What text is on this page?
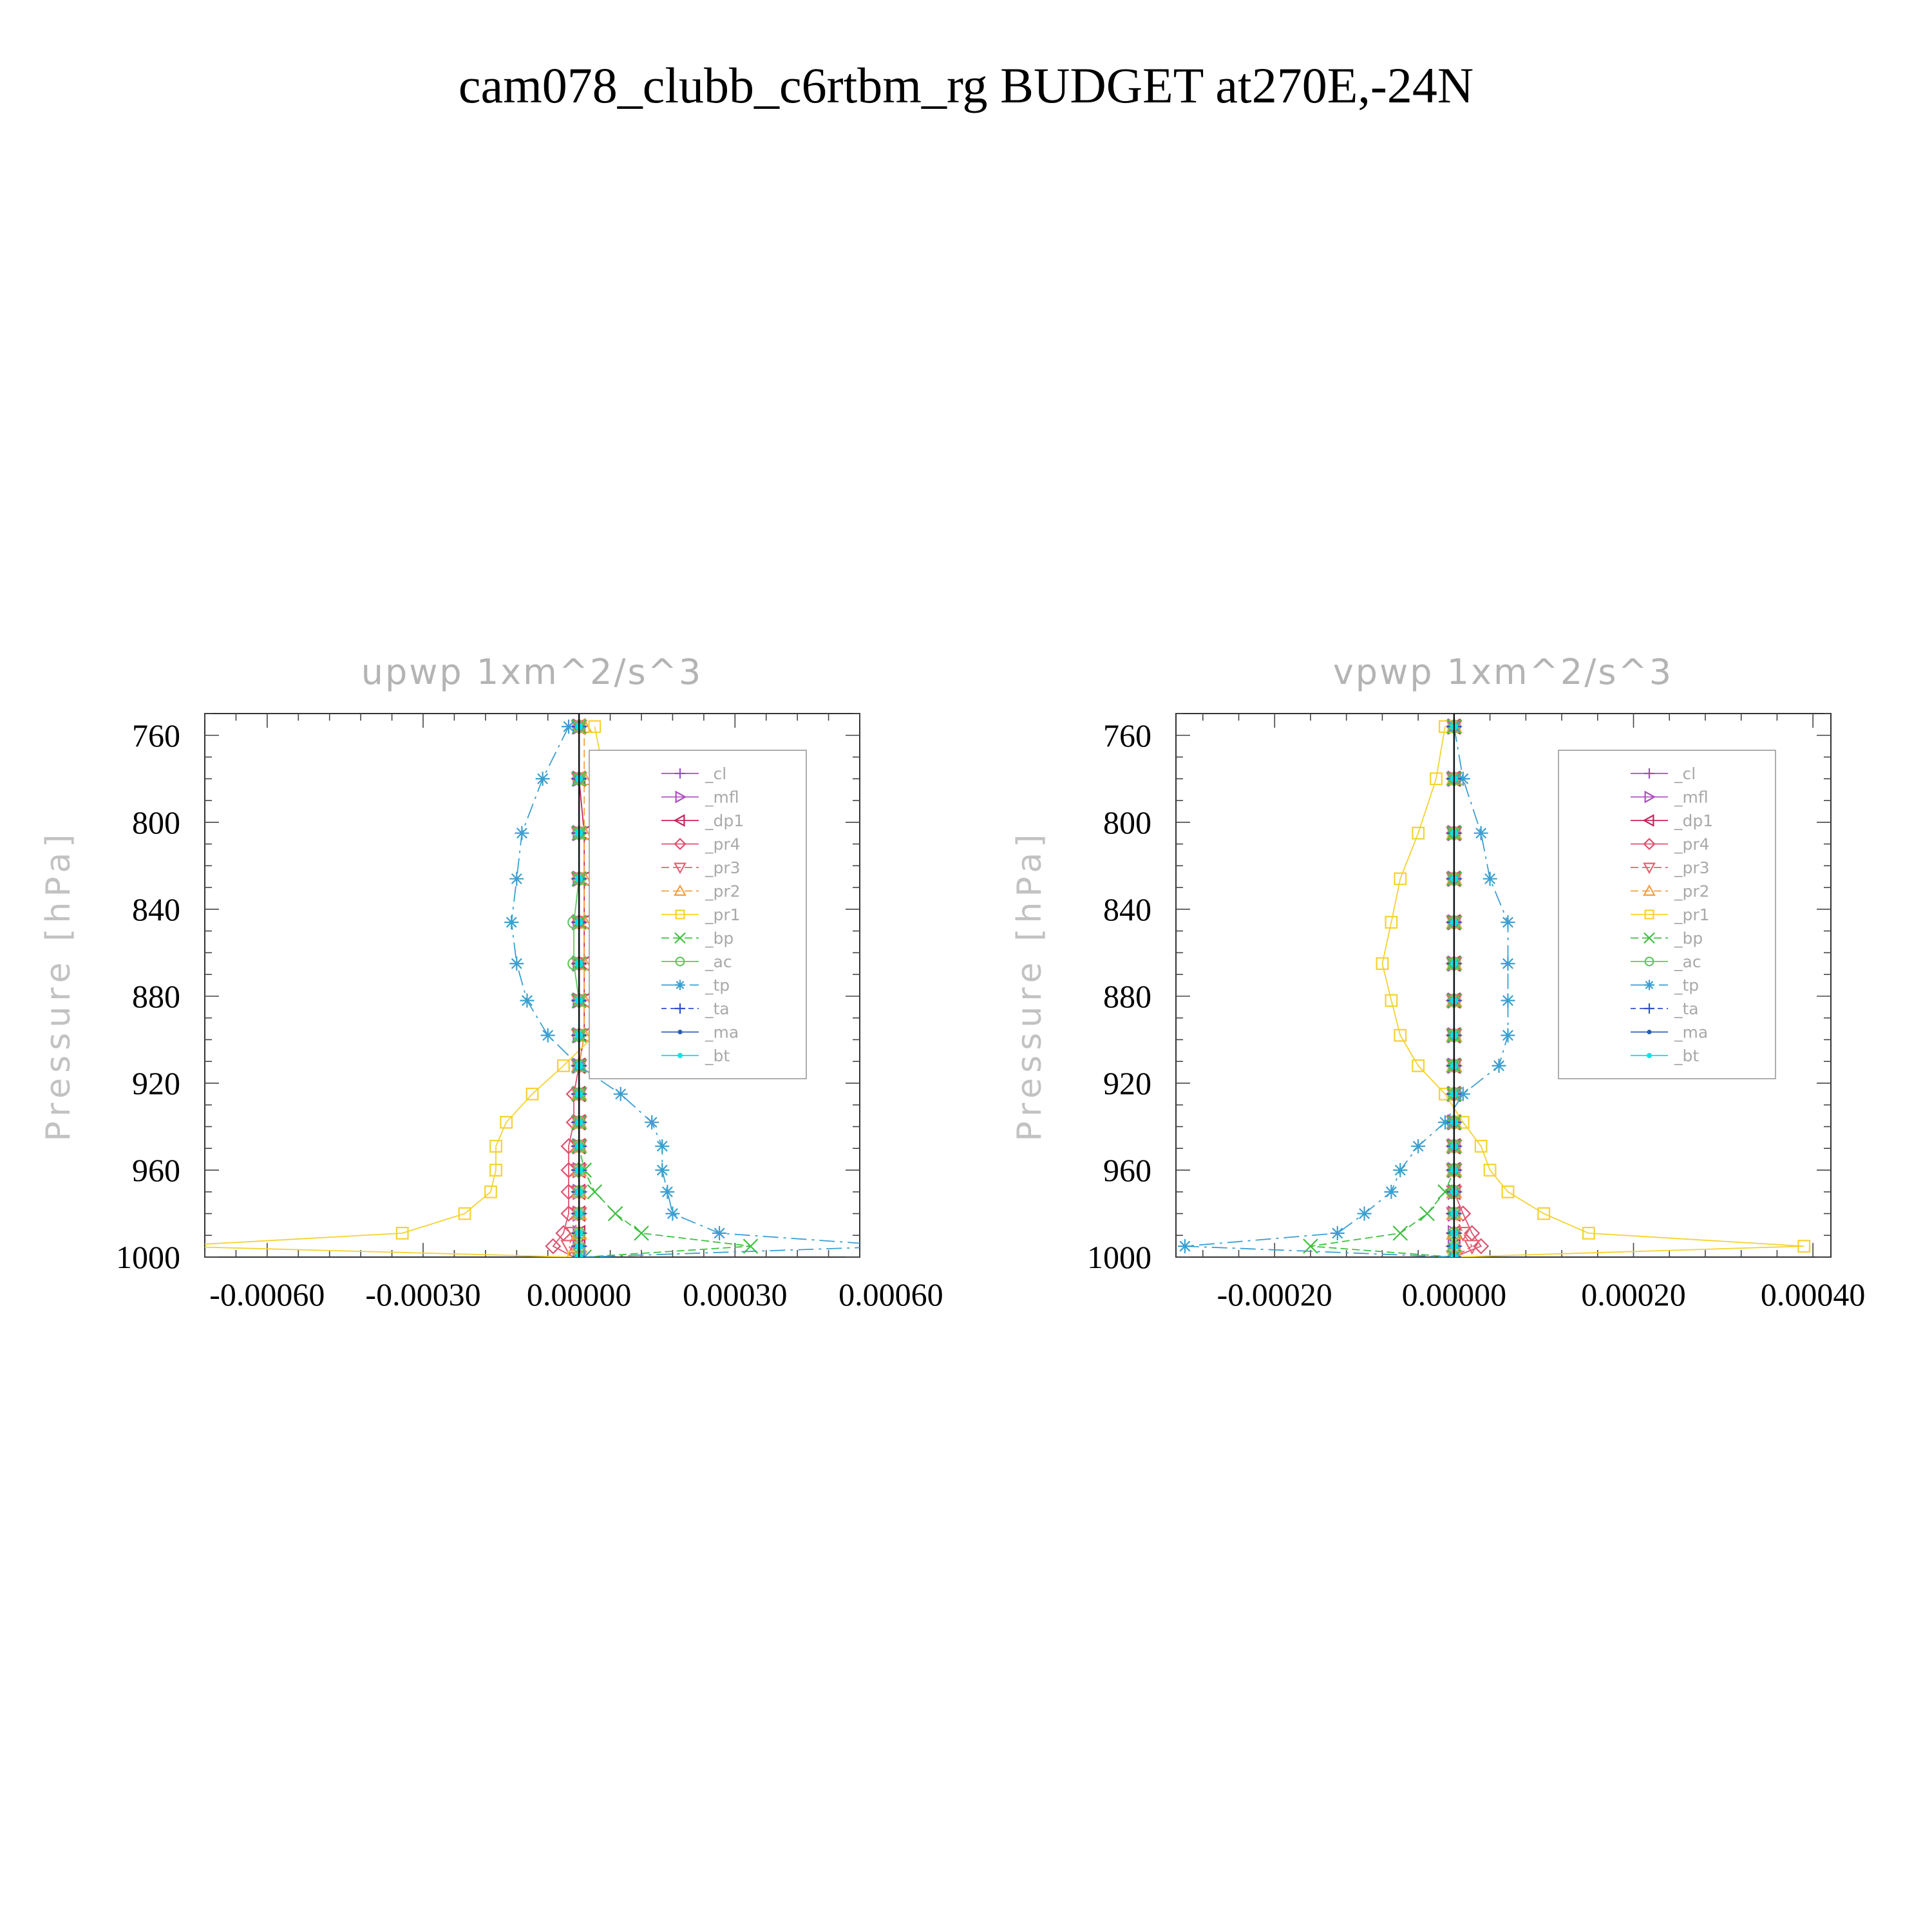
cam078_clubb_c6rtbm_rg BUDGET at270E,-24N
upwp 1xm^2/s^3
Pressure [hPa]
760
800
840
880
920
960
1000
-0.00060 -0.00030 0.00000 0.00030 0.00060
_cl
_mfl
_dp1
_pr4
_pr3
_pr2
_pr1
_bp
_ac
_tp
_ta
_ma
_bt
vpwp 1xm^2/s^3
Pressure [hPa]
760
800
840
880
920
960
1000
-0.00020 0.00000 0.00020 0.00040
_cl
_mfl
_dp1
_pr4
_pr3
_pr2
_pr1
_bp
_ac
_tp
_ta
_ma
_bt
